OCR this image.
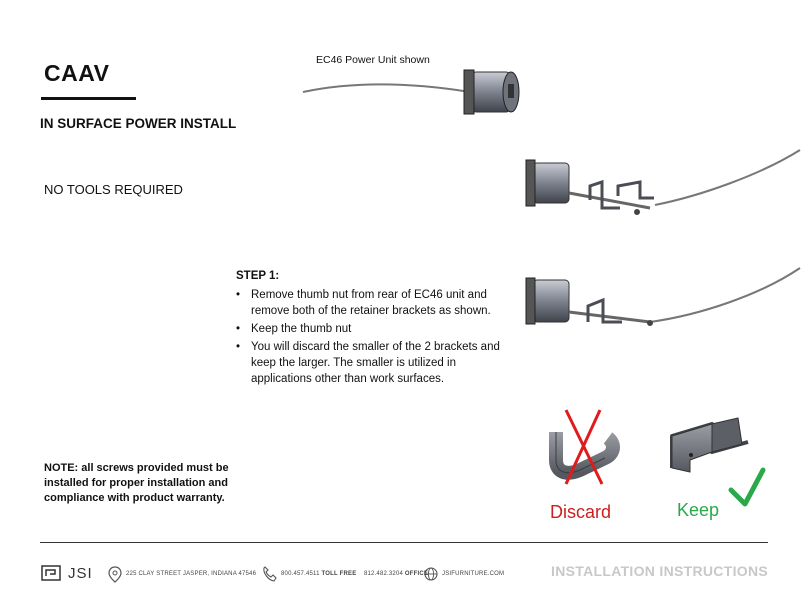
CAAV
IN SURFACE POWER INSTALL
NO TOOLS REQUIRED
EC46 Power Unit shown
Discard	Keep
STEP 1:
• Remove thumb nut from rear of EC46 unit and remove both of the retainer brackets as shown.
• Keep the thumb nut
• You will discard the smaller of the 2 brackets and keep the larger. The smaller is utilized in applications other than work surfaces.
NOTE: all screws provided must be installed for proper installation and compliance with product warranty.
JSI	225 CLAY STREET JASPER, INDIANA 47546	800.457.4511 TOLL FREE 812.482.3204 OFFICE JSIFURNITURE.COM	INSTALLATION INSTRUCTIONS
